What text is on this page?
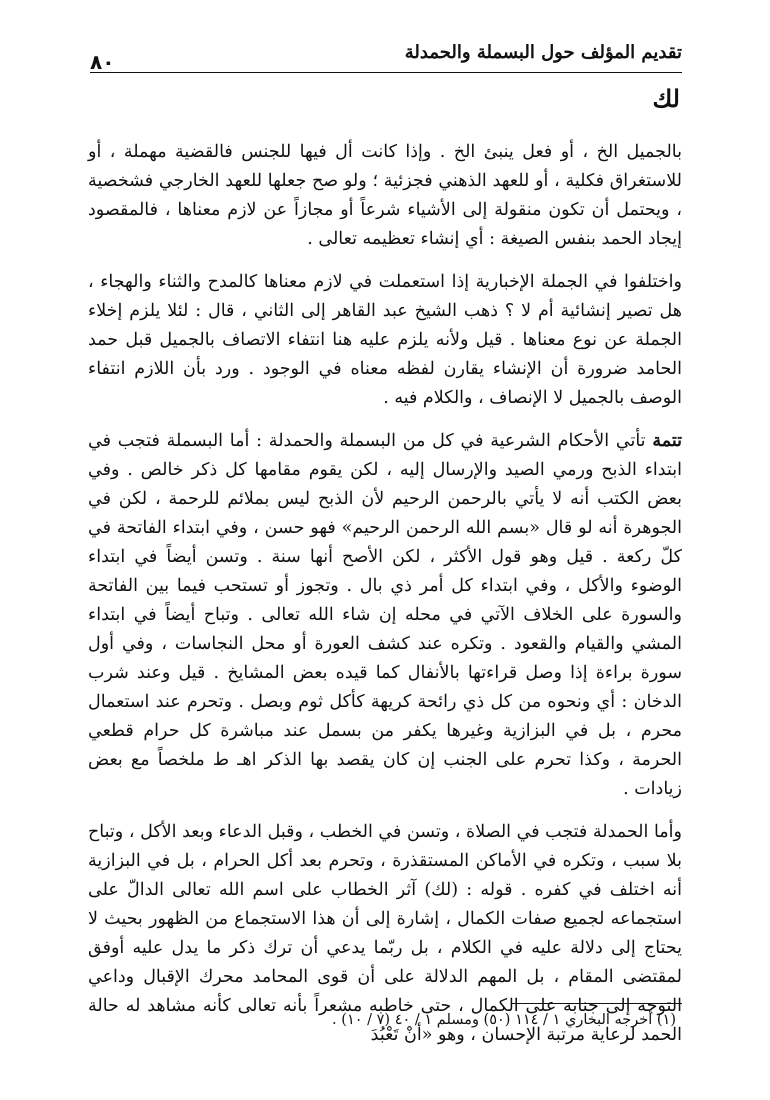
تقديم المؤلف حول البسملة والحمدلة
٨٠
لك

بالجميل الخ ، أو فعل ينبئ الخ . وإذا كانت أل فيها للجنس فالقضية مهملة ، أو للاستغراق فكلية ، أو للعهد الذهني فجزئية ؛ ولو صح جعلها للعهد الخارجي فشخصية ، ويحتمل أن تكون منقولة إلى الأشياء شرعاً أو مجازاً عن لازم معناها ، فالمقصود إيجاد الحمد بنفس الصيغة : أي إنشاء تعظيمه تعالى .

واختلفوا في الجملة الإخبارية إذا استعملت في لازم معناها كالمدح والثناء والهجاء ، هل تصير إنشائية أم لا ؟ ذهب الشيخ عبد القاهر إلى الثاني ، قال : لئلا يلزم إخلاء الجملة عن نوع معناها . قيل ولأنه يلزم عليه هنا انتفاء الاتصاف بالجميل قبل حمد الحامد ضرورة أن الإنشاء يقارن لفظه معناه في الوجود . ورد بأن اللازم انتفاء الوصف بالجميل لا الإنصاف ، والكلام فيه .

تتمة تأتي الأحكام الشرعية في كل من البسملة والحمدلة : أما البسملة فتجب في ابتداء الذبح ورمي الصيد والإرسال إليه ، لكن يقوم مقامها كل ذكر خالص . وفي بعض الكتب أنه لا يأتي بالرحمن الرحيم لأن الذبح ليس بملائم للرحمة ، لكن في الجوهرة أنه لو قال «بسم الله الرحمن الرحيم» فهو حسن ، وفي ابتداء الفاتحة في كلّ ركعة . قيل وهو قول الأكثر ، لكن الأصح أنها سنة . وتسن أيضاً في ابتداء الوضوء والأكل ، وفي ابتداء كل أمر ذي بال . وتجوز أو تستحب فيما بين الفاتحة والسورة على الخلاف الآتي في محله إن شاء الله تعالى . وتباح أيضاً في ابتداء المشي والقيام والقعود . وتكره عند كشف العورة أو محل النجاسات ، وفي أول سورة براءة إذا وصل قراءتها بالأنفال كما قيده بعض المشايخ . قيل وعند شرب الدخان : أي ونحوه من كل ذي رائحة كريهة كأكل ثوم وبصل . وتحرم عند استعمال محرم ، بل في البزازية وغيرها يكفر من بسمل عند مباشرة كل حرام قطعي الحرمة ، وكذا تحرم على الجنب إن كان يقصد بها الذكر اهـ ط ملخصاً مع بعض زيادات .

وأما الحمدلة فتجب في الصلاة ، وتسن في الخطب ، وقبل الدعاء وبعد الأكل ، وتباح بلا سبب ، وتكره في الأماكن المستقذرة ، وتحرم بعد أكل الحرام ، بل في البزازية أنه اختلف في كفره . قوله : (لك) آثر الخطاب على اسم الله تعالى الدالّ على استجماعه لجميع صفات الكمال ، إشارة إلى أن هذا الاستجماع من الظهور بحيث لا يحتاج إلى دلالة عليه في الكلام ، بل ربّما يدعي أن ترك ذكر ما يدل عليه أوفق لمقتضى المقام ، بل المهم الدلالة على أن قوى المحامد محرك الإقبال وداعي التوجه إلى جنابه على الكمال ، حتى خاطبه مشعراً بأنه تعالى كأنه مشاهد له حالة الحمد لرعاية مرتبة الإحسان ، وهو «أنْ تَعْبُدَ

(١) أخرجه البخاري ١ / ١١٤ (٥٠) ومسلم ١ / ٤٠ (٧ / ١٠) .
